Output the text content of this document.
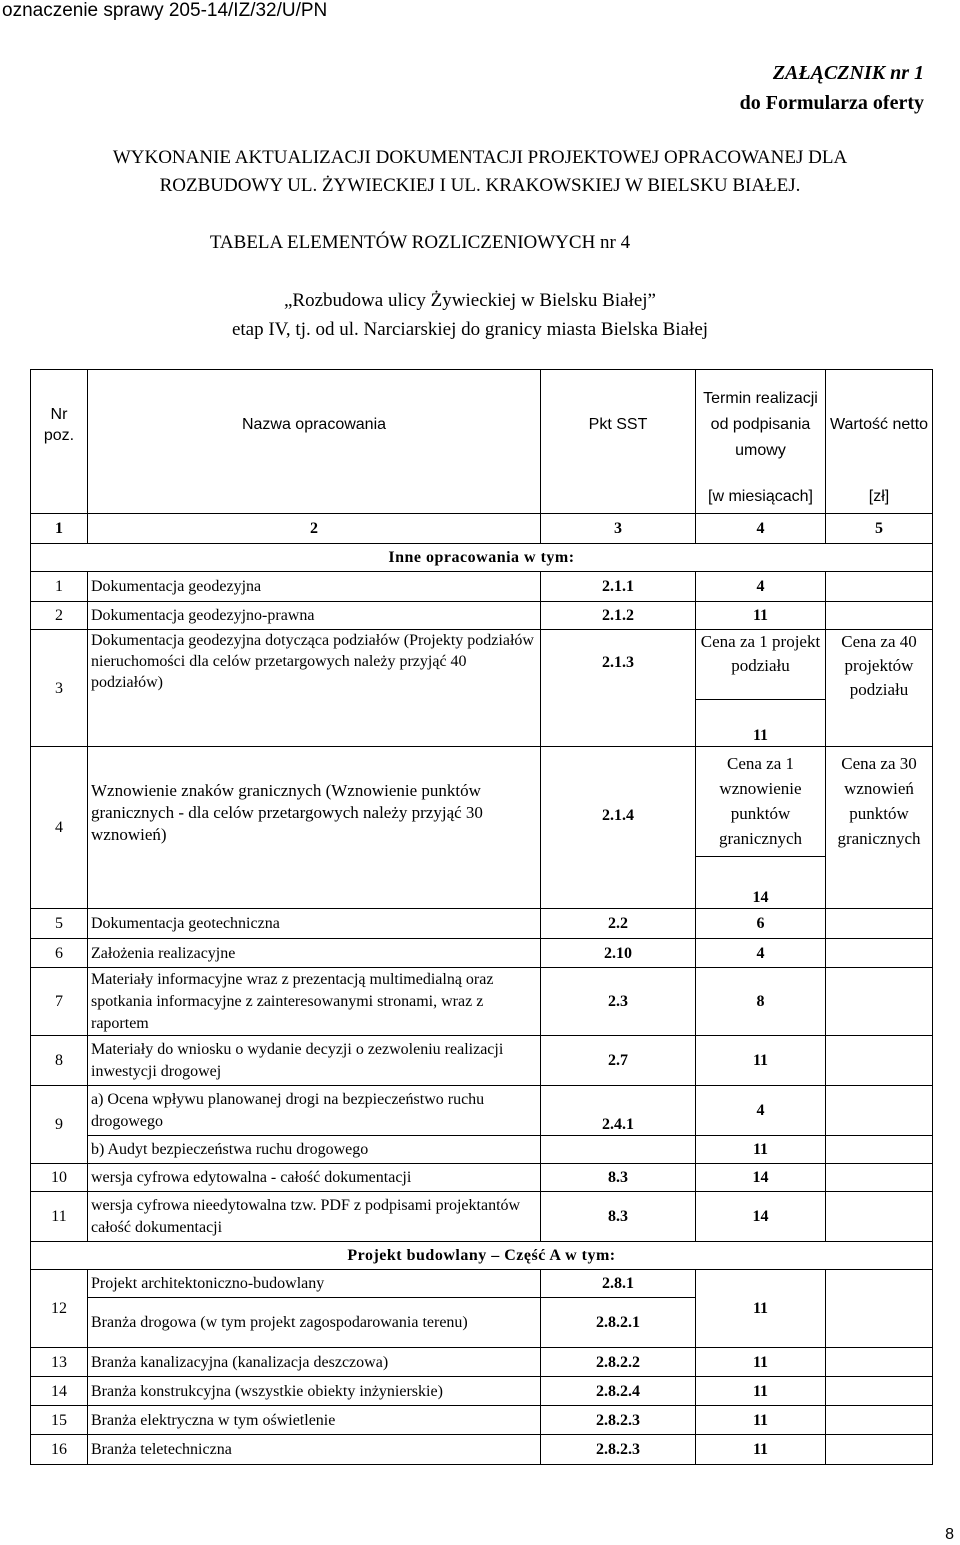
oznaczenie sprawy 205-14/IZ/32/U/PN
ZAŁĄCZNIK nr 1
do Formularza oferty
WYKONANIE AKTUALIZACJI DOKUMENTACJI PROJEKTOWEJ OPRACOWANEJ DLA
ROZBUDOWY UL. ŻYWIECKIEJ I UL. KRAKOWSKIEJ W BIELSKU BIAŁEJ.
TABELA ELEMENTÓW ROZLICZENIOWYCH nr 4
„Rozbudowa ulicy Żywieckiej w Bielsku Białej”
etap IV, tj. od ul. Narciarskiej do granicy miasta Bielska Białej
Nr
poz.	Nazwa opracowania	Pkt SST	Termin realizacji od podpisania umowy	Wartość netto
			[w miesiącach]	[zł]
1	2	3	4	5
Inne opracowania w tym:				
1	Dokumentacja geodezyjna	2.1.1	4	
2	Dokumentacja geodezyjno-prawna	2.1.2	11	
3	Dokumentacja geodezyjna dotycząca podziałów (Projekty podziałów nieruchomości dla celów przetargowych należy przyjąć 40 podziałów)	2.1.3	Cena za 1 projekt podziału	Cena za 40 projektów podziału
			11	
4	Wznowienie znaków granicznych (Wznowienie punktów granicznych - dla celów przetargowych należy przyjąć 30 wznowień)	2.1.4	Cena za 1 wznowienie punktów granicznych	Cena za 30 wznowień punktów granicznych
			14	
5	Dokumentacja geotechniczna	2.2	6	
6	Założenia realizacyjne	2.10	4	
7	Materiały informacyjne wraz z prezentacją multimedialną oraz spotkania informacyjne z zainteresowanymi stronami, wraz z raportem	2.3	8	
8	Materiały do wniosku o wydanie decyzji o zezwoleniu realizacji inwestycji drogowej	2.7	11	
9	a) Ocena wpływu planowanej drogi na bezpieczeństwo ruchu drogowego	2.4.1	4	
	b) Audyt bezpieczeństwa ruchu drogowego		11	
10	wersja cyfrowa edytowalna - całość dokumentacji	8.3	14	
11	wersja cyfrowa nieedytowalna tzw. PDF z podpisami projektantów całość dokumentacji	8.3	14	
Projekt budowlany – Część A w tym:				
12	Projekt architektoniczno-budowlany	2.8.1	11	
	Branża drogowa (w tym projekt zagospodarowania terenu)	2.8.2.1		
13	Branża kanalizacyjna (kanalizacja deszczowa)	2.8.2.2	11	
14	Branża konstrukcyjna (wszystkie obiekty inżynierskie)	2.8.2.4	11	
15	Branża elektryczna w tym oświetlenie	2.8.2.3	11	
16	Branża teletechniczna	2.8.2.3	11	
8
